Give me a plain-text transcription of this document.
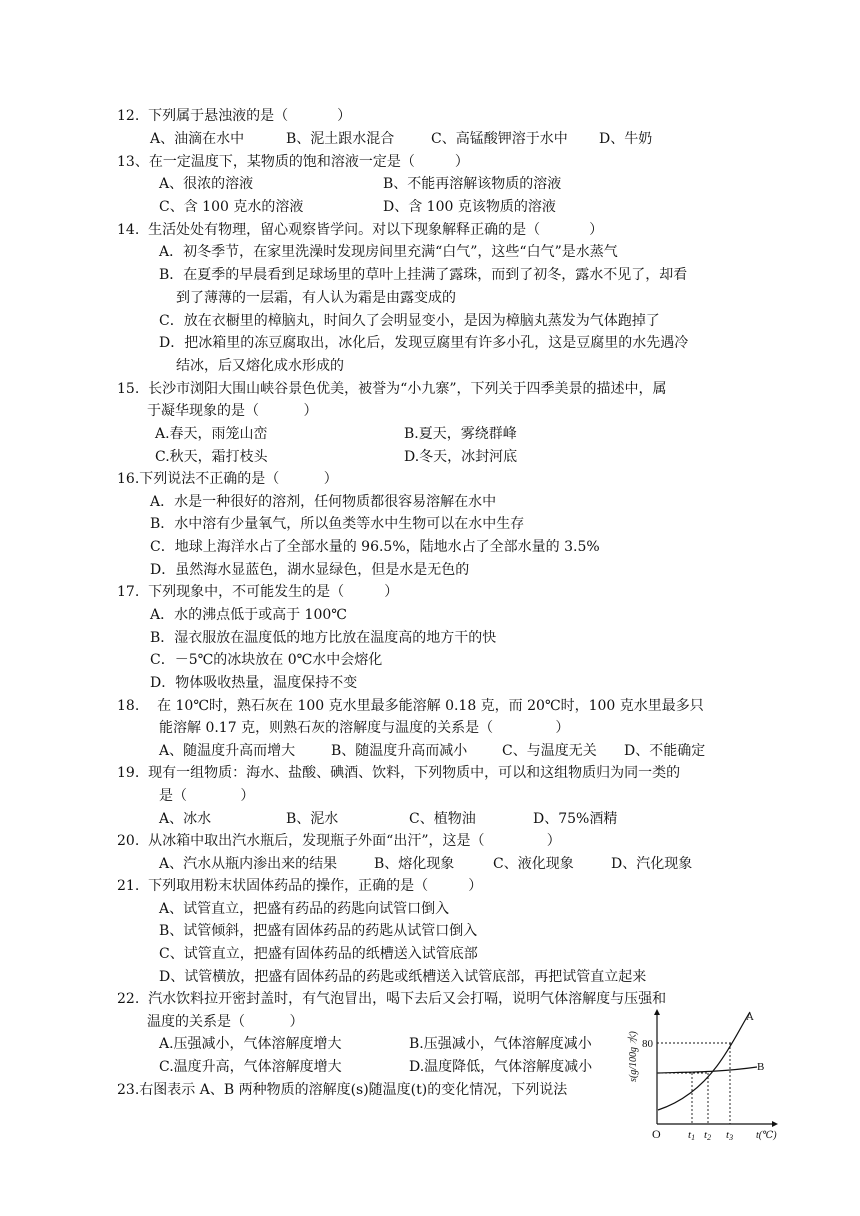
12.  下列属于悬浊液的是（           ）
A、油滴在水中	B、泥土跟水混合	C、高锰酸钾溶于水中 D、牛奶
13、在一定温度下，某物质的饱和溶液一定是（         ）
A、很浓的溶液	B、不能再溶解该物质的溶液
C、含 100 克水的溶液	D、含 100 克该物质的溶液
14.  生活处处有物理，留心观察皆学问。对以下现象解释正确的是（           ）
A．初冬季节，在家里洗澡时发现房间里充满“白气”，这些“白气”是水蒸气
B．在夏季的早晨看到足球场里的草叶上挂满了露珠，而到了初冬，露水不见了，却看
到了薄薄的一层霜，有人认为霜是由露变成的
C．放在衣橱里的樟脑丸，时间久了会明显变小，是因为樟脑丸蒸发为气体跑掉了
D．把冰箱里的冻豆腐取出，冰化后，发现豆腐里有许多小孔，这是豆腐里的水先遇冷
结冰，后又熔化成水形成的
15.  长沙市浏阳大围山峡谷景色优美，被誉为“小九寨”，下列关于四季美景的描述中，属
于凝华现象的是（          ）
A.春天，雨笼山峦	B.夏天，雾绕群峰
C.秋天，霜打枝头	D.冬天，冰封河底
16.下列说法不正确的是（          ）
A．水是一种很好的溶剂，任何物质都很容易溶解在水中
B．水中溶有少量氧气，所以鱼类等水中生物可以在水中生存
C．地球上海洋水占了全部水量的 96.5%，陆地水占了全部水量的 3.5%
D．虽然海水显蓝色，湖水显绿色，但是水是无色的
17.  下列现象中，不可能发生的是（         ）
A．水的沸点低于或高于 100℃
B．湿衣服放在温度低的地方比放在温度高的地方干的快
C．－5℃的冰块放在 0℃水中会熔化
D．物体吸收热量，温度保持不变
18.    在 10℃时，熟石灰在 100 克水里最多能溶解 0.18 克，而 20℃时，100 克水里最多只
能溶解 0.17 克，则熟石灰的溶解度与温度的关系是（              ）
A、随温度升高而增大	B、随温度升高而减小 C、与温度无关 D、不能确定
19.  现有一组物质：海水、盐酸、碘酒、饮料，下列物质中，可以和这组物质归为同一类的
是（            ）
A、冰水	B、泥水	C、植物油	D、75%酒精
20.  从冰箱中取出汽水瓶后，发现瓶子外面“出汗”，这是（              ）
A、汽水从瓶内渗出来的结果	B、熔化现象	C、液化现象	D、汽化现象
21.  下列取用粉末状固体药品的操作，正确的是（         ）
A、试管直立，把盛有药品的药匙向试管口倒入
B、试管倾斜，把盛有固体药品的药匙从试管口倒入
C、试管直立，把盛有固体药品的纸槽送入试管底部
D、试管横放，把盛有固体药品的药匙或纸槽送入试管底部，再把试管直立起来
22.  汽水饮料拉开密封盖时，有气泡冒出，喝下去后又会打嗝，说明气体溶解度与压强和
温度的关系是（          ）
A.压强减小，气体溶解度增大	B.压强减小，气体溶解度减小
C.温度升高，气体溶解度增大	D.温度降低，气体溶解度减小
23.右图表示 A、B 两种物质的溶解度(s)随温度(t)的变化情况，下列说法
s(g/100g 水) 80
O t1 t2 t3 t(℃)
A
B
